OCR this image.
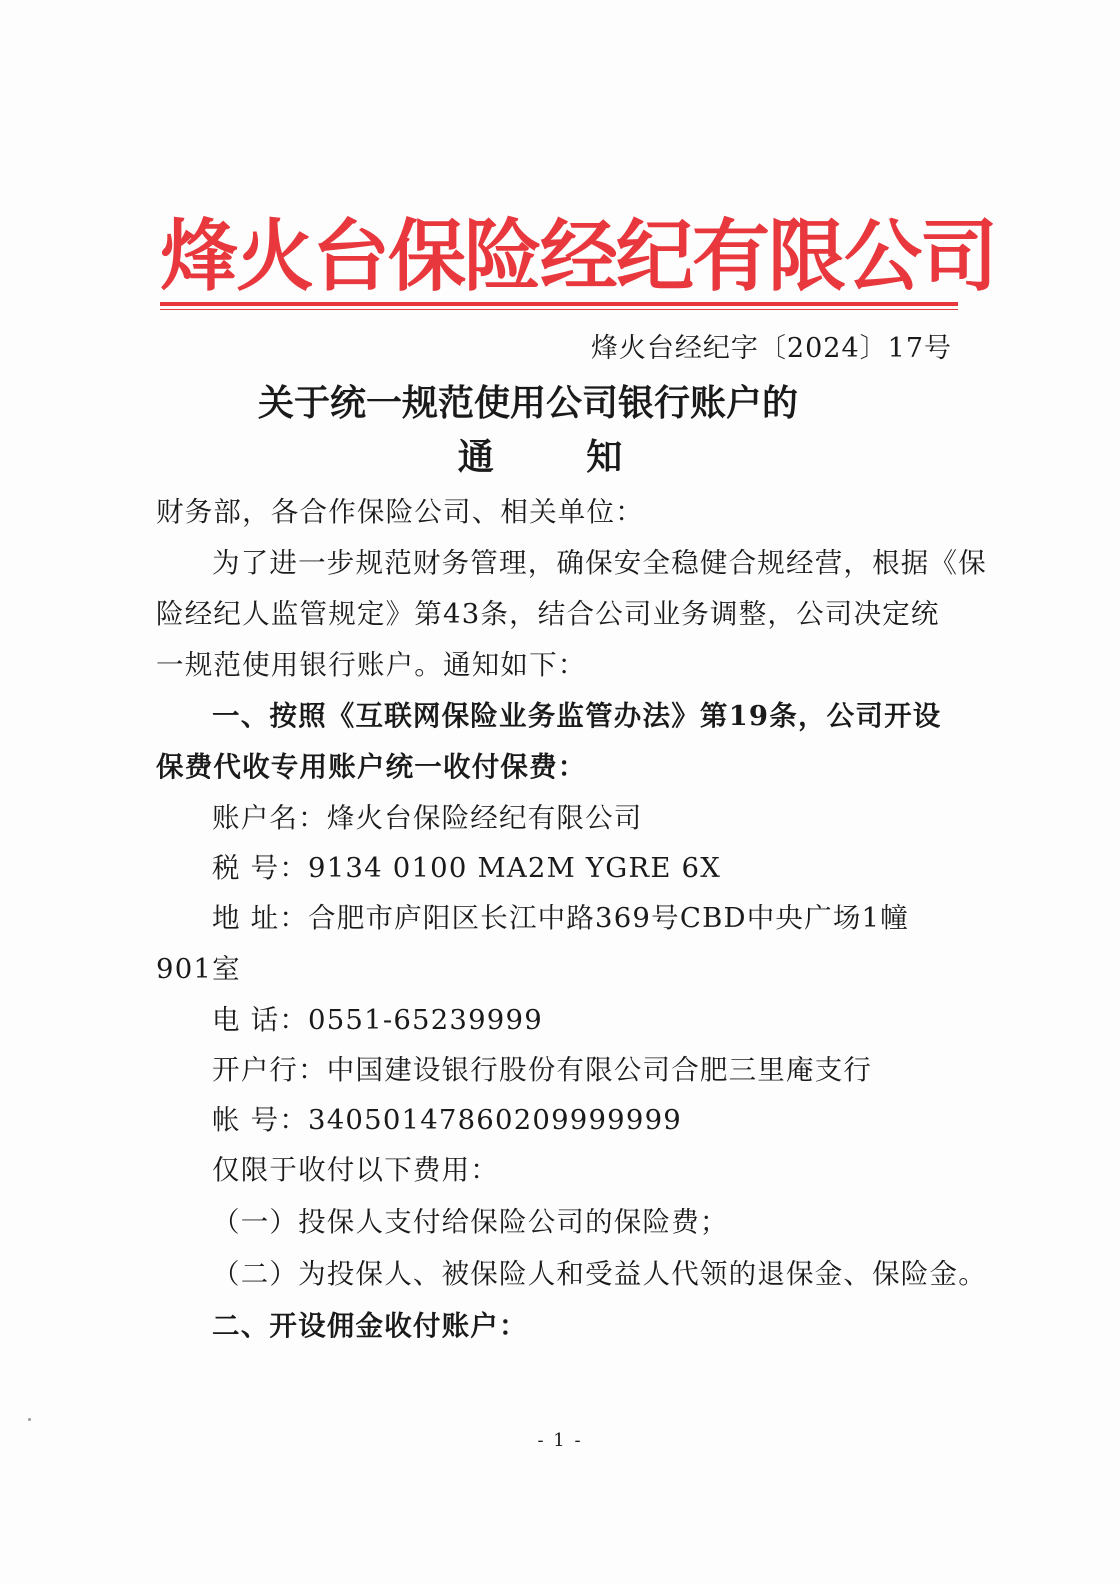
烽火台保险经纪有限公司
烽火台经纪字〔2024〕17号
关于统一规范使用公司银行账户的
通 知
财务部，各合作保险公司、相关单位：
为了进一步规范财务管理，确保安全稳健合规经营，根据《保
险经纪人监管规定》第43条，结合公司业务调整，公司决定统
一规范使用银行账户。通知如下：
一、按照《互联网保险业务监管办法》第19条，公司开设
保费代收专用账户统一收付保费：
账户名：烽火台保险经纪有限公司
税 号：9134 0100 MA2M YGRE 6X
地 址：合肥市庐阳区长江中路369号CBD中央广场1幢
901室
电 话：0551-65239999
开户行：中国建设银行股份有限公司合肥三里庵支行
帐 号：34050147860209999999
仅限于收付以下费用：
（一）投保人支付给保险公司的保险费；
（二）为投保人、被保险人和受益人代领的退保金、保险金。
二、开设佣金收付账户：
- 1 -
